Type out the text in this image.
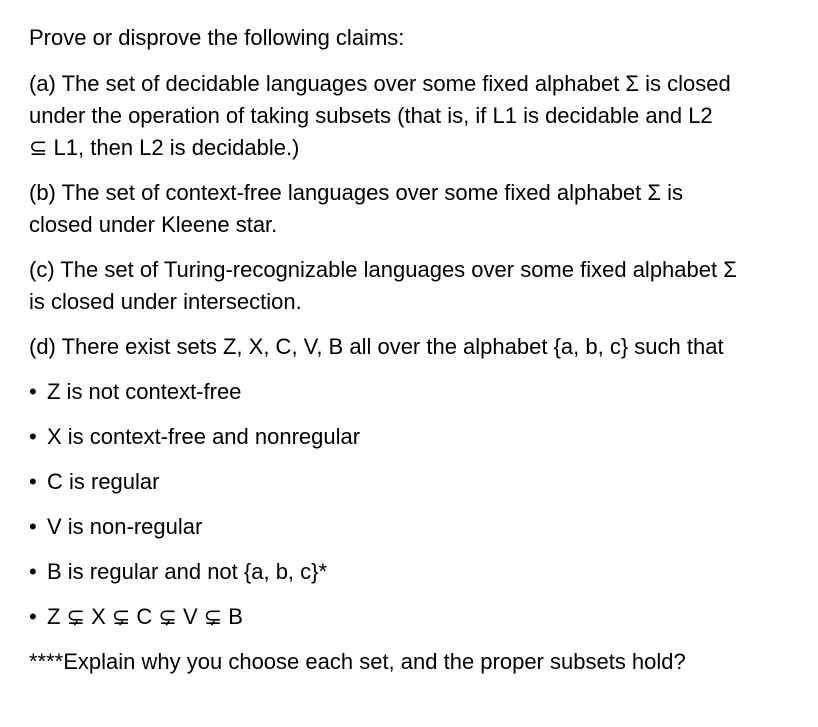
Prove or disprove the following claims:

(a) The set of decidable languages over some fixed alphabet Σ is closed
under the operation of taking subsets (that is, if L1 is decidable and L2
⊆ L1, then L2 is decidable.)
(b) The set of context-free languages over some fixed alphabet Σ is
closed under Kleene star.
(c) The set of Turing-recognizable languages over some fixed alphabet Σ
is closed under intersection.
(d) There exist sets Z, X, C, V, B all over the alphabet {a, b, c} such that
• Z is not context-free
• X is context-free and nonregular
• C is regular
• V is non-regular
• B is regular and not {a, b, c}*
• Z ⊊ X ⊊ C ⊊ V ⊊ B

****Explain why you choose each set, and the proper subsets hold?
